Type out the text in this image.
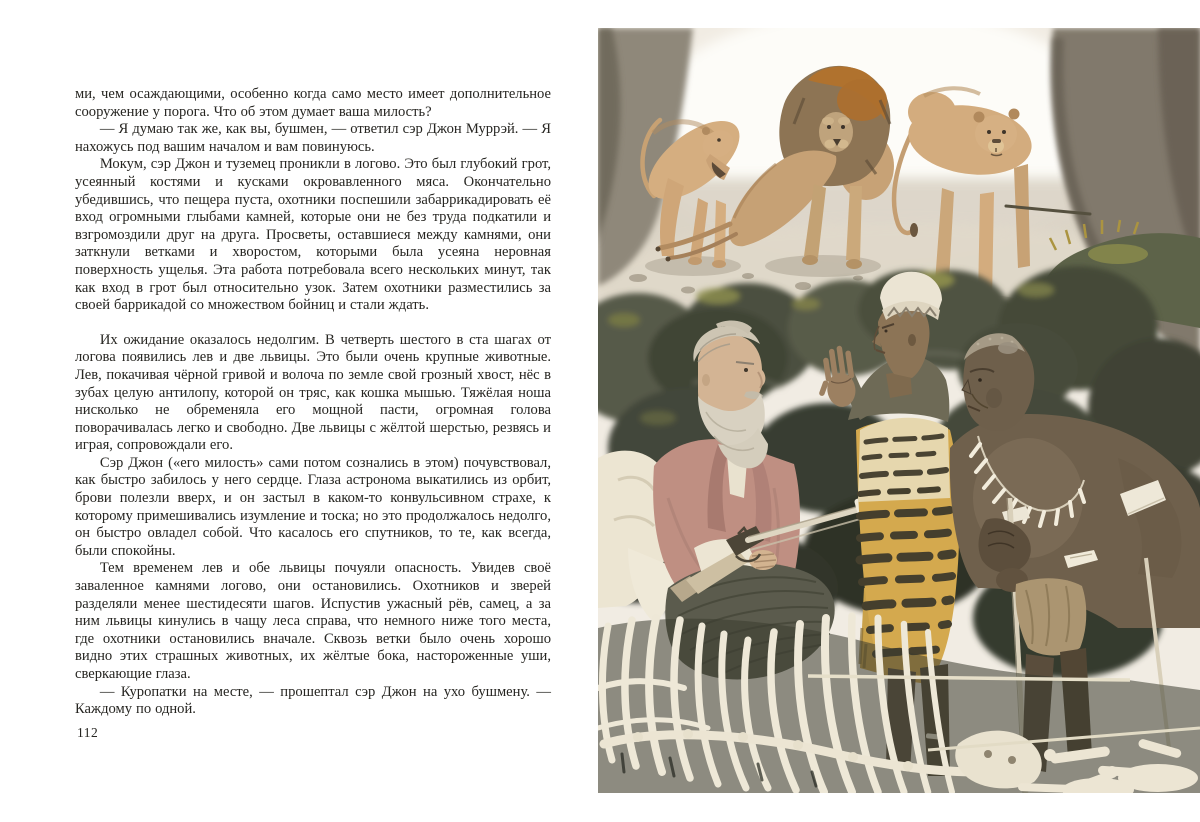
ми, чем осаждающими, особенно когда само место имеет дополнительное сооружение у порога. Что об этом думает ваша милость?

— Я думаю так же, как вы, бушмен, — ответил сэр Джон Муррэй. — Я нахожусь под вашим началом и вам повинуюсь.

Мокум, сэр Джон и туземец проникли в логово. Это был глубокий грот, усеянный костями и кусками окровавленного мяса. Окончательно убедившись, что пещера пуста, охотники поспешили забаррикадировать её вход огромными глыбами камней, которые они не без труда подкатили и взгромоздили друг на друга. Просветы, оставшиеся между камнями, они заткнули ветками и хворостом, которыми была усеяна неровная поверхность ущелья. Эта работа потребовала всего нескольких минут, так как вход в грот был относительно узок. Затем охотники разместились за своей баррикадой со множеством бойниц и стали ждать.

Их ожидание оказалось недолгим. В четверть шестого в ста шагах от логова появились лев и две львицы. Это были очень крупные животные. Лев, покачивая чёрной гривой и волоча по земле свой грозный хвост, нёс в зубах целую антилопу, которой он тряс, как кошка мышью. Тяжёлая ноша нисколько не обременяла его мощной пасти, огромная голова поворачивалась легко и свободно. Две львицы с жёлтой шерстью, резвясь и играя, сопровождали его.

Сэр Джон («его милость» сами потом сознались в этом) почувствовал, как быстро забилось у него сердце. Глаза астронома выкатились из орбит, брови полезли вверх, и он застыл в каком-то конвульсивном страхе, к которому примешивались изумление и тоска; но это продолжалось недолго, он быстро овладел собой. Что касалось его спутников, то те, как всегда, были спокойны.

Тем временем лев и обе львицы почуяли опасность. Увидев своё заваленное камнями логово, они остановились. Охотников и зверей разделяли менее шестидесяти шагов. Испустив ужасный рёв, самец, а за ним львицы кинулись в чащу леса справа, что немного ниже того места, где охотники остановились вначале. Сквозь ветки было очень хорошо видно этих страшных животных, их жёлтые бока, настороженные уши, сверкающие глаза.

— Куропатки на месте, — прошептал сэр Джон на ухо бушмену. — Каждому по одной.

112
